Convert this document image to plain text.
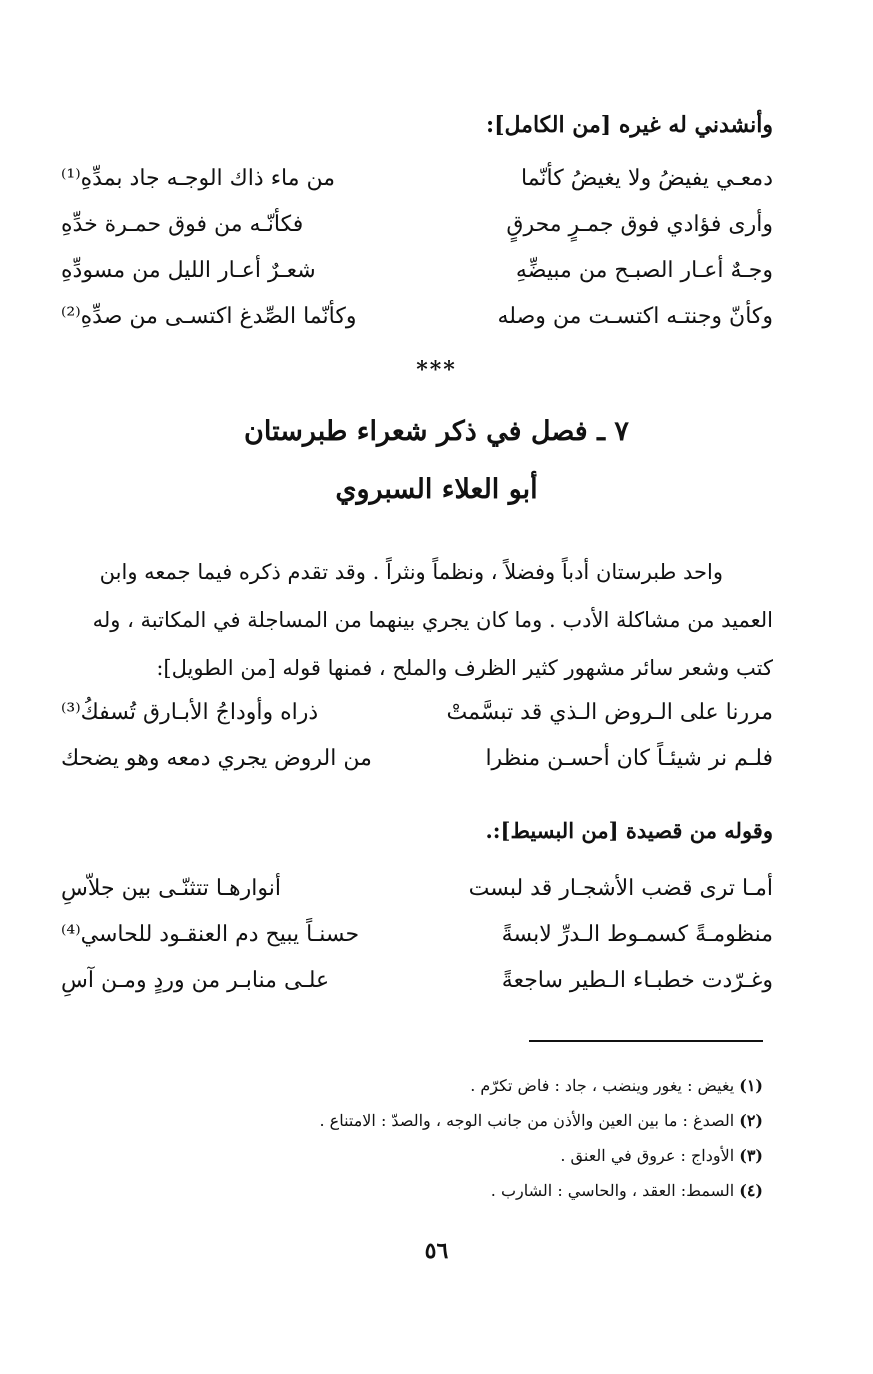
وأنشدني له غيره [من الكامل]:
دمعـي يفيضُ ولا يغيضُ كأنّما
من ماء ذاك الوجـه جاد بمدِّهِ⁽¹⁾
وأرى فؤادي فوق جمـرٍ محرقٍ
فكأنّـه من فوق حمـرة خدِّهِ
وجـهٌ أعـار الصبـح من مبيضِّهِ
شعـرٌ أعـار الليل من مسودِّهِ
وكأنّ وجنتـه اكتسـت من وصله
وكأنّما الصِّدغ اكتسـى من صدِّهِ⁽²⁾
***
٧ ـ فصل في ذكر شعراء طبرستان
أبو العلاء السبروي
واحد طبرستان أدباً وفضلاً ، ونظماً ونثراً . وقد تقدم ذكره فيما جمعه وابن
العميد من مشاكلة الأدب . وما كان يجري بينهما من المساجلة في المكاتبة ، وله
كتب وشعر سائر مشهور كثير الظرف والملح ، فمنها قوله [من الطويل]:
مررنا على الـروض الـذي قد تبسَّمتْ
ذراه وأوداجُ الأبـارق تُسفكُ⁽³⁾
فلـم نر شيئـاً كان أحسـن منظرا
من الروض يجري دمعه وهو يضحك
وقوله من قصيدة [من البسيط]:.
أمـا ترى قضب الأشجـار قد لبست
أنوارهـا تتثنّـى بين جلاّسِ
منظومـةً كسمـوط الـدرِّ لابسةً
حسنـاً يبيح دم العنقـود للحاسي⁽⁴⁾
وغـرّدت خطبـاء الـطير ساجعةً
علـى منابـر من وردٍ ومـن آسِ
(١) يغيض : يغور وينضب ، جاد : فاض تكرّم .
(٢) الصدغ : ما بين العين والأذن من جانب الوجه ، والصدّ : الامتناع .
(٣) الأوداج : عروق في العنق .
(٤) السمط: العقد ، والحاسي : الشارب .
٥٦
